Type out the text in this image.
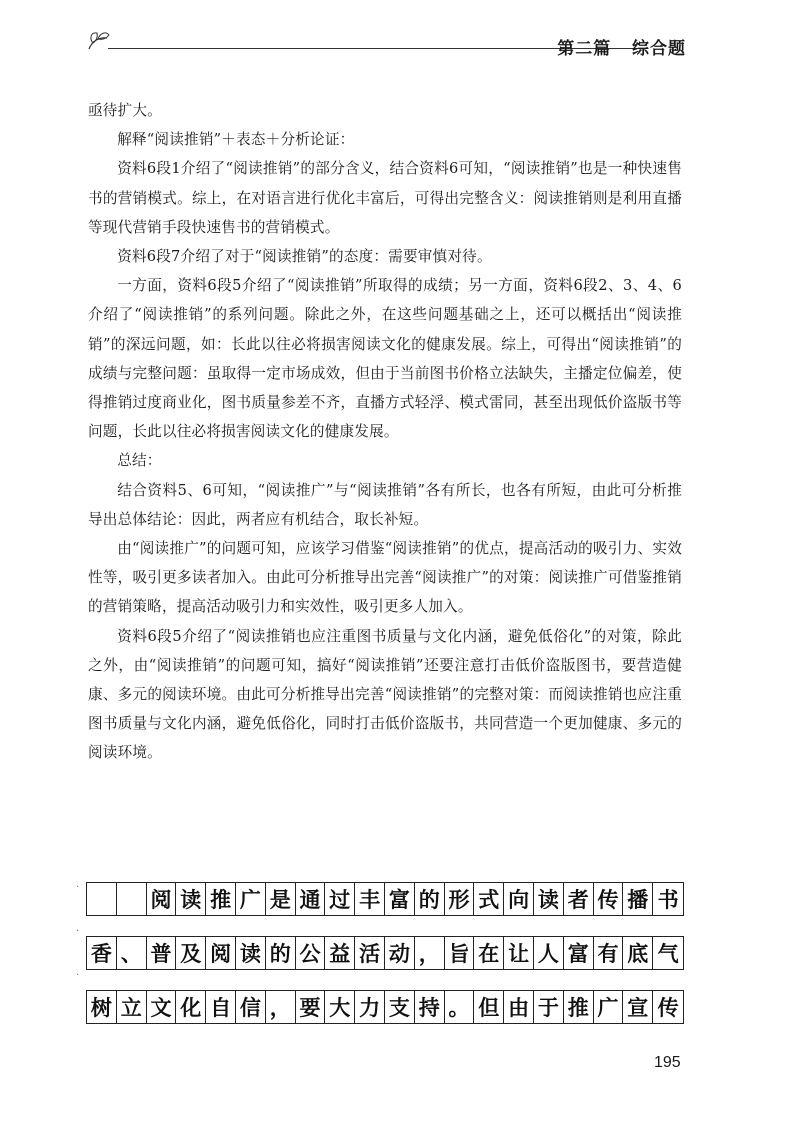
第二篇   综合题

亟待扩大。

解释“阅读推销”＋表态＋分析论证：

资料6段1介绍了“阅读推销”的部分含义，结合资料6可知，“阅读推销”也是一种快速售书的营销模式。综上，在对语言进行优化丰富后，可得出完整含义：阅读推销则是利用直播等现代营销手段快速售书的营销模式。

资料6段7介绍了对于“阅读推销”的态度：需要审慎对待。

一方面，资料6段5介绍了“阅读推销”所取得的成绩；另一方面，资料6段2、3、4、6介绍了“阅读推销”的系列问题。除此之外，在这些问题基础之上，还可以概括出“阅读推销”的深远问题，如：长此以往必将损害阅读文化的健康发展。综上，可得出“阅读推销”的成绩与完整问题：虽取得一定市场成效，但由于当前图书价格立法缺失，主播定位偏差，使得推销过度商业化，图书质量参差不齐，直播方式轻浮、模式雷同，甚至出现低价盗版书等问题，长此以往必将损害阅读文化的健康发展。

总结：

结合资料5、6可知，“阅读推广”与“阅读推销”各有所长，也各有所短，由此可分析推导出总体结论：因此，两者应有机结合，取长补短。

由“阅读推广”的问题可知，应该学习借鉴“阅读推销”的优点，提高活动的吸引力、实效性等，吸引更多读者加入。由此可分析推导出完善“阅读推广”的对策：阅读推广可借鉴推销的营销策略，提高活动吸引力和实效性，吸引更多人加入。

资料6段5介绍了“阅读推销也应注重图书质量与文化内涵，避免低俗化”的对策，除此之外，由“阅读推销”的问题可知，搞好“阅读推销”还要注意打击低价盗版图书，要营造健康、多元的阅读环境。由此可分析推导出完善“阅读推销”的完整对策：而阅读推销也应注重图书质量与文化内涵，避免低俗化，同时打击低价盗版书，共同营造一个更加健康、多元的阅读环境。

·

·

·
阅 读 推 广 是 通 过 丰 富 的 形 式 向 读 者 传 播 书
香 、 普 及 阅 读 的 公 益 活 动 ， 旨 在 让 人 富 有 底 气
树 立 文 化 自 信 ， 要 大 力 支 持 。 但 由 于 推 广 宣 传
195
